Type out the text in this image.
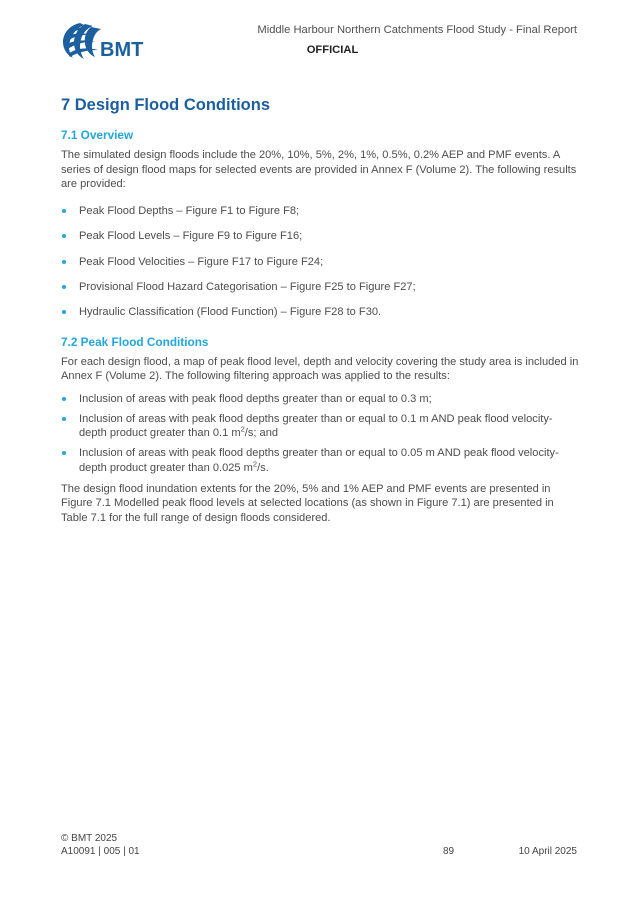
BMT
Middle Harbour Northern Catchments Flood Study - Final Report
OFFICIAL
7 Design Flood Conditions
7.1 Overview

The simulated design floods include the 20%, 10%, 5%, 2%, 1%, 0.5%, 0.2% AEP and PMF events. A series of design flood maps for selected events are provided in Annex F (Volume 2). The following results are provided:

Peak Flood Depths – Figure F1 to Figure F8;
Peak Flood Levels – Figure F9 to Figure F16;
Peak Flood Velocities – Figure F17 to Figure F24;
Provisional Flood Hazard Categorisation – Figure F25 to Figure F27;
Hydraulic Classification (Flood Function) – Figure F28 to F30.
7.2 Peak Flood Conditions

For each design flood, a map of peak flood level, depth and velocity covering the study area is included in Annex F (Volume 2). The following filtering approach was applied to the results:

Inclusion of areas with peak flood depths greater than or equal to 0.3 m;
Inclusion of areas with peak flood depths greater than or equal to 0.1 m AND peak flood velocity-depth product greater than 0.1 $m^2/s$; and
Inclusion of areas with peak flood depths greater than or equal to 0.05 m AND peak flood velocity-depth product greater than 0.025 $m^2/s$.

The design flood inundation extents for the 20%, 5% and 1% AEP and PMF events are presented in Figure 7.1 Modelled peak flood levels at selected locations (as shown in Figure 7.1) are presented in Table 7.1 for the full range of design floods considered.

© BMT 2025
A10091 | 005 | 01	89	10 April 2025
